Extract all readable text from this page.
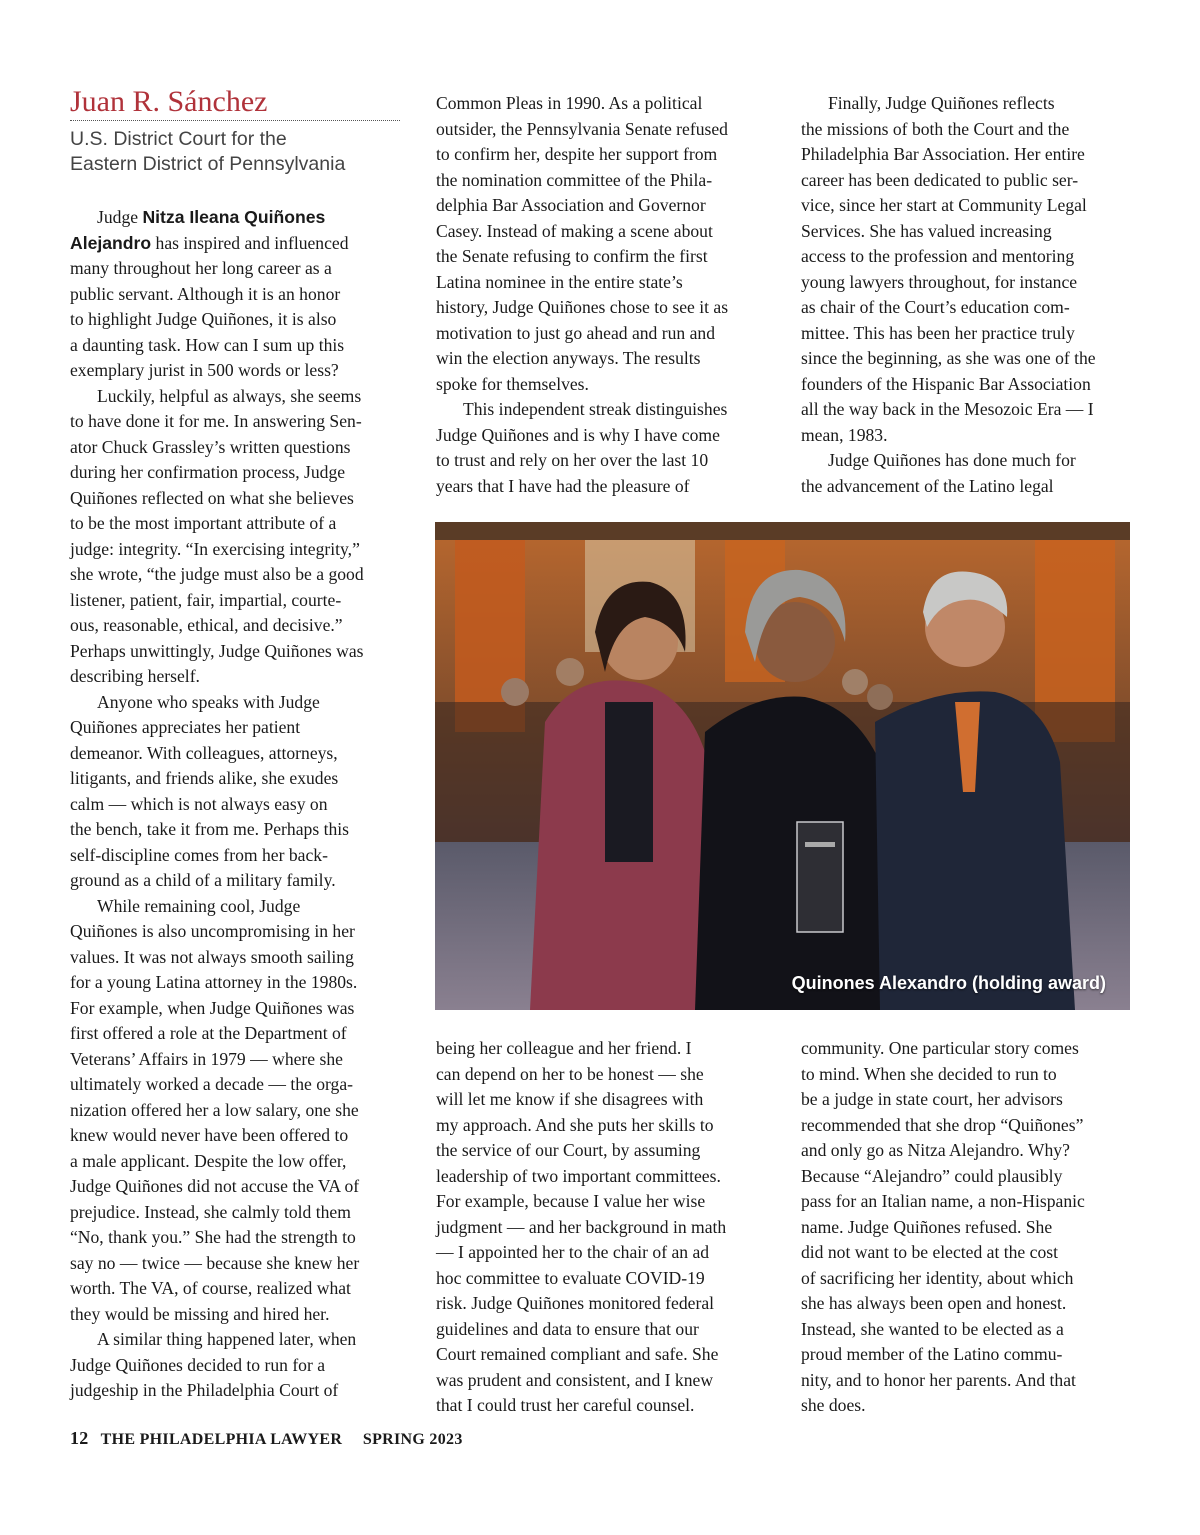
Juan R. Sánchez
U.S. District Court for the
Eastern District of Pennsylvania
Judge Nitza Ileana Quiñones
Alejandro has inspired and influenced
many throughout her long career as a
public servant. Although it is an honor
to highlight Judge Quiñones, it is also
a daunting task. How can I sum up this
exemplary jurist in 500 words or less?
Luckily, helpful as always, she seems
to have done it for me. In answering Sen-
ator Chuck Grassley’s written questions
during her confirmation process, Judge
Quiñones reflected on what she believes
to be the most important attribute of a
judge: integrity. “In exercising integrity,”
she wrote, “the judge must also be a good
listener, patient, fair, impartial, courte-
ous, reasonable, ethical, and decisive.”
Perhaps unwittingly, Judge Quiñones was
describing herself.
Anyone who speaks with Judge
Quiñones appreciates her patient
demeanor. With colleagues, attorneys,
litigants, and friends alike, she exudes
calm — which is not always easy on
the bench, take it from me. Perhaps this
self-discipline comes from her back-
ground as a child of a military family.
While remaining cool, Judge
Quiñones is also uncompromising in her
values. It was not always smooth sailing
for a young Latina attorney in the 1980s.
For example, when Judge Quiñones was
first offered a role at the Department of
Veterans’ Affairs in 1979 — where she
ultimately worked a decade — the orga-
nization offered her a low salary, one she
knew would never have been offered to
a male applicant. Despite the low offer,
Judge Quiñones did not accuse the VA of
prejudice. Instead, she calmly told them
“No, thank you.” She had the strength to
say no — twice — because she knew her
worth. The VA, of course, realized what
they would be missing and hired her.
A similar thing happened later, when
Judge Quiñones decided to run for a
judgeship in the Philadelphia Court of
Common Pleas in 1990. As a political
outsider, the Pennsylvania Senate refused
to confirm her, despite her support from
the nomination committee of the Phila-
delphia Bar Association and Governor
Casey. Instead of making a scene about
the Senate refusing to confirm the first
Latina nominee in the entire state’s
history, Judge Quiñones chose to see it as
motivation to just go ahead and run and
win the election anyways. The results
spoke for themselves.
This independent streak distinguishes
Judge Quiñones and is why I have come
to trust and rely on her over the last 10
years that I have had the pleasure of
Finally, Judge Quiñones reflects
the missions of both the Court and the
Philadelphia Bar Association. Her entire
career has been dedicated to public ser-
vice, since her start at Community Legal
Services. She has valued increasing
access to the profession and mentoring
young lawyers throughout, for instance
as chair of the Court’s education com-
mittee. This has been her practice truly
since the beginning, as she was one of the
founders of the Hispanic Bar Association
all the way back in the Mesozoic Era — I
mean, 1983.
Judge Quiñones has done much for
the advancement of the Latino legal
Quinones Alexandro (holding award)
being her colleague and her friend. I
can depend on her to be honest — she
will let me know if she disagrees with
my approach. And she puts her skills to
the service of our Court, by assuming
leadership of two important committees.
For example, because I value her wise
judgment — and her background in math
— I appointed her to the chair of an ad
hoc committee to evaluate COVID-19
risk. Judge Quiñones monitored federal
guidelines and data to ensure that our
Court remained compliant and safe. She
was prudent and consistent, and I knew
that I could trust her careful counsel.
community. One particular story comes
to mind. When she decided to run to
be a judge in state court, her advisors
recommended that she drop “Quiñones”
and only go as Nitza Alejandro. Why?
Because “Alejandro” could plausibly
pass for an Italian name, a non-Hispanic
name. Judge Quiñones refused. She
did not want to be elected at the cost
of sacrificing her identity, about which
she has always been open and honest.
Instead, she wanted to be elected as a
proud member of the Latino commu-
nity, and to honor her parents. And that
she does.
12 THE PHILADELPHIA LAWYER SPRING 2023
